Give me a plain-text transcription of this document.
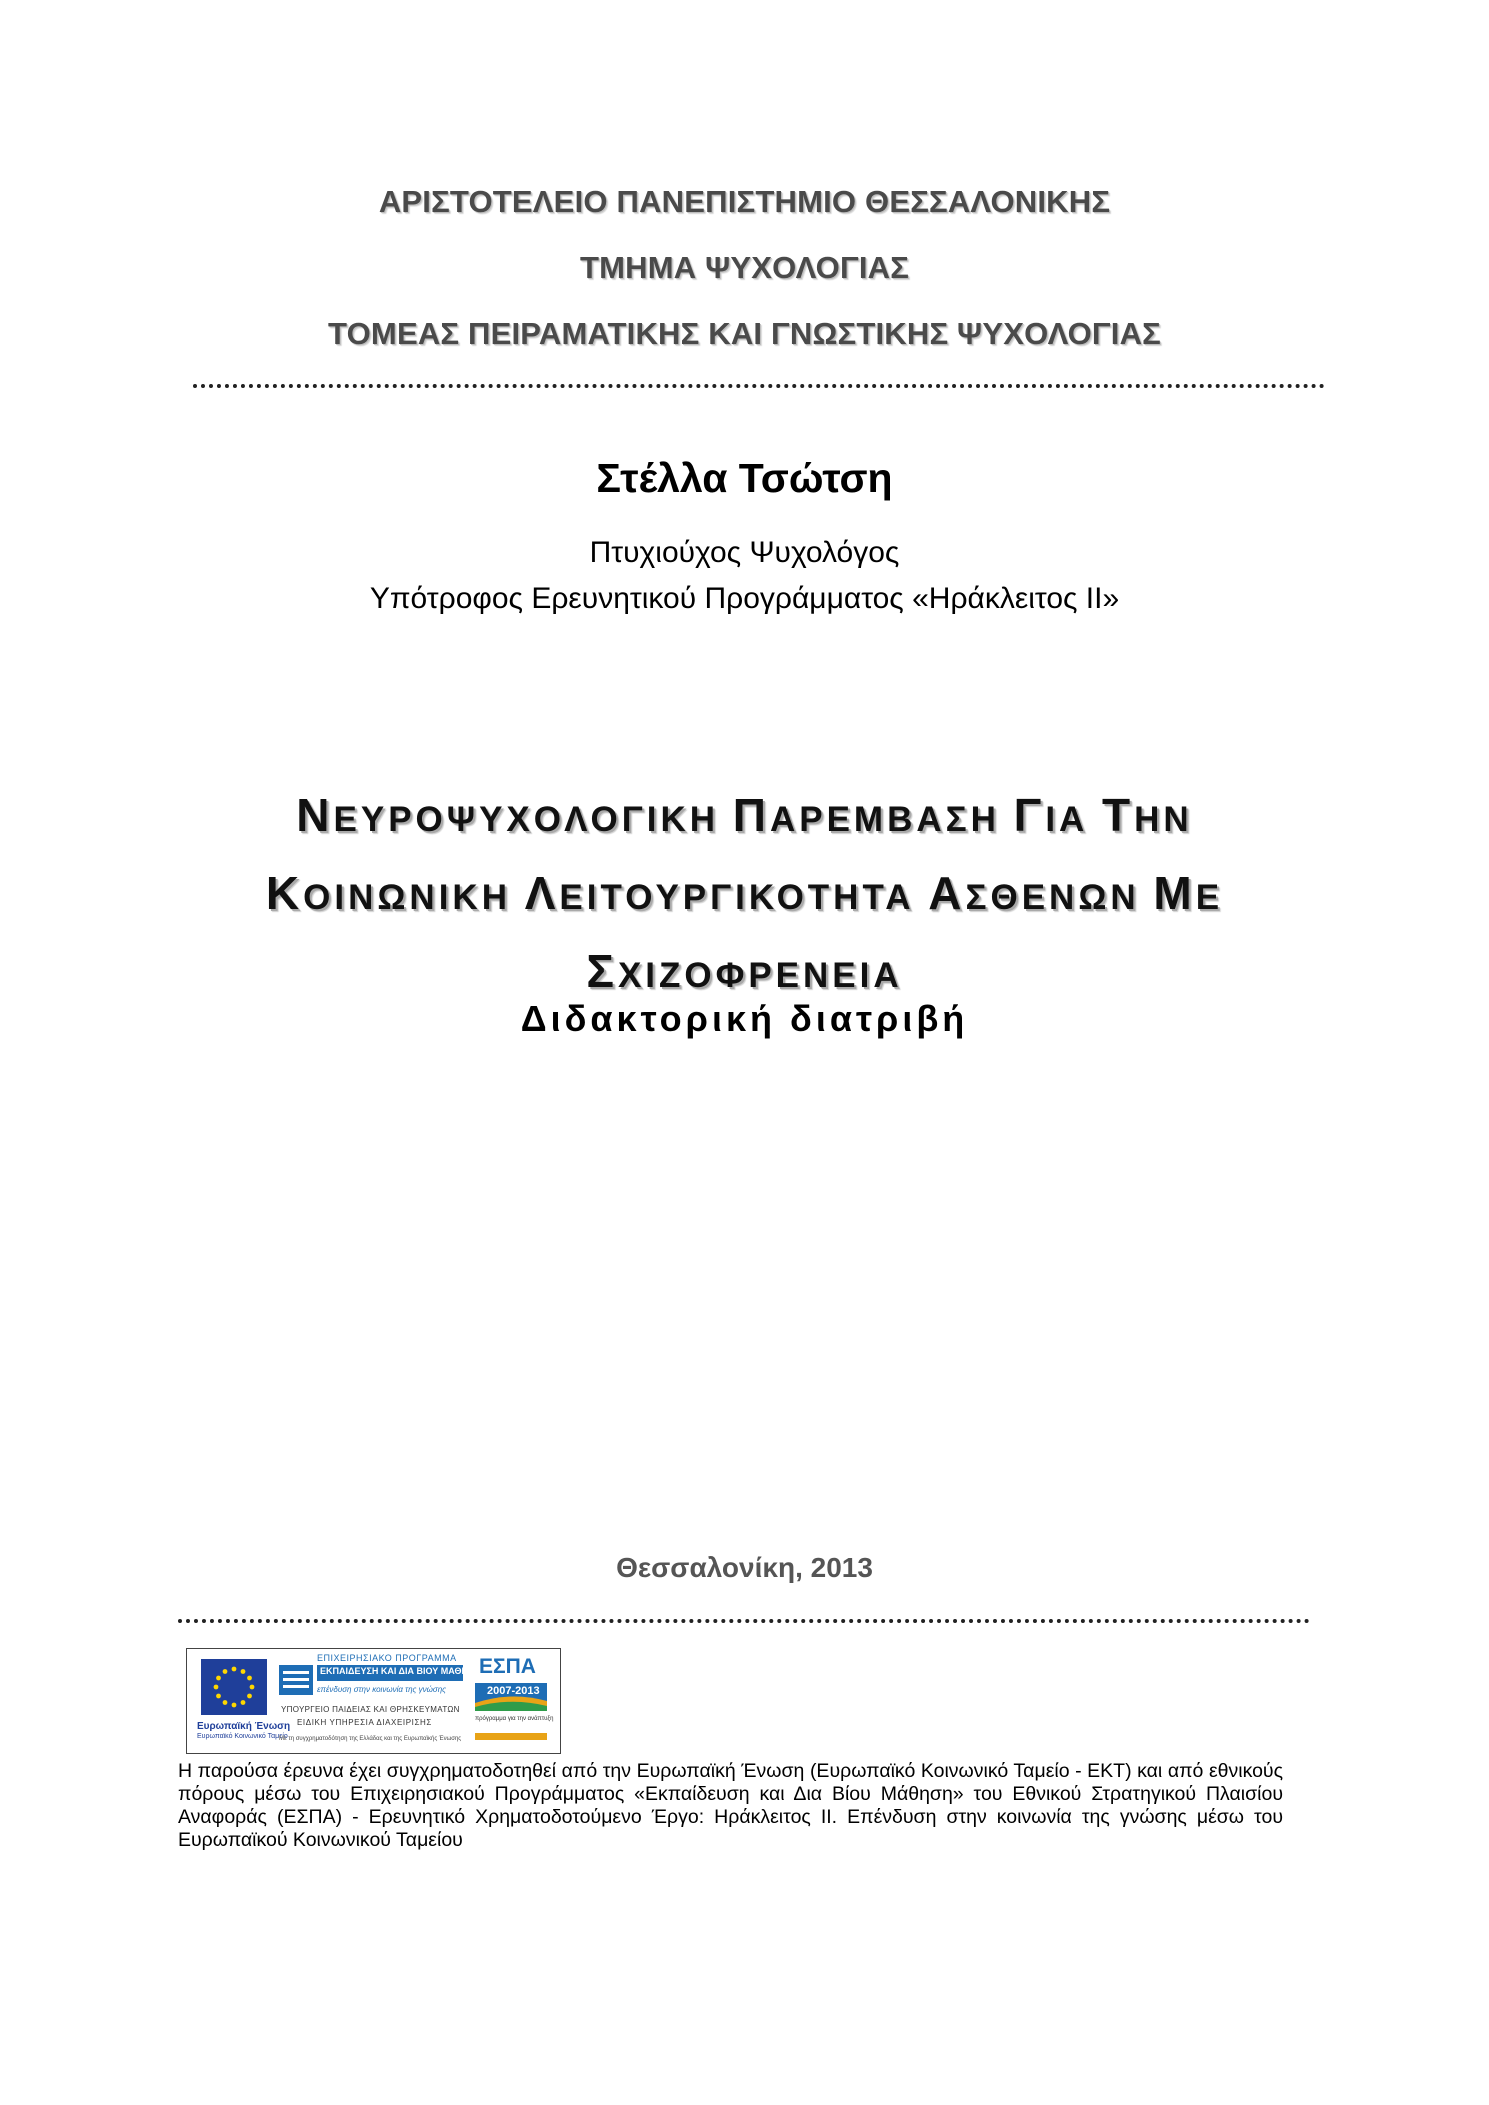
ΑΡΙΣΤΟΤΕΛΕΙΟ ΠΑΝΕΠΙΣΤΗΜΙΟ ΘΕΣΣΑΛΟΝΙΚΗΣ
ΤΜΗΜΑ ΨΥΧΟΛΟΓΙΑΣ
ΤΟΜΕΑΣ ΠΕΙΡΑΜΑΤΙΚΗΣ ΚΑΙ ΓΝΩΣΤΙΚΗΣ ΨΥΧΟΛΟΓΙΑΣ
Στέλλα Τσώτση
Πτυχιούχος Ψυχολόγος
Υπότροφος Ερευνητικού Προγράμματος «Ηράκλειτος ΙΙ»
ΝΕΥΡΟΨΥΧΟΛΟΓΙΚΗ ΠΑΡΕΜΒΑΣΗ ΓΙΑ ΤΗΝ
ΚΟΙΝΩΝΙΚΗ ΛΕΙΤΟΥΡΓΙΚΟΤΗΤΑ ΑΣΘΕΝΩΝ ΜΕ
ΣΧΙΖΟΦΡΕΝΕΙΑ
Διδακτορική διατριβή
Θεσσαλονίκη, 2013
Ευρωπαϊκή Ένωση
Ευρωπαϊκό Κοινωνικό Ταμείο
ΕΠΙΧΕΙΡΗΣΙΑΚΟ ΠΡΟΓΡΑΜΜΑ
ΕΚΠΑΙΔΕΥΣΗ ΚΑΙ ΔΙΑ ΒΙΟΥ ΜΑΘΗΣΗ
επένδυση στην κοινωνία της γνώσης
ΥΠΟΥΡΓΕΙΟ ΠΑΙΔΕΙΑΣ ΚΑΙ ΘΡΗΣΚΕΥΜΑΤΩΝ
ΕΙΔΙΚΗ ΥΠΗΡΕΣΙΑ ΔΙΑΧΕΙΡΙΣΗΣ
Με τη συγχρηματοδότηση της Ελλάδας και της Ευρωπαϊκής Ένωσης
ΕΣΠΑ
2007-2013
πρόγραμμα για την ανάπτυξη
Η παρούσα έρευνα έχει συγχρηματοδοτηθεί από την Ευρωπαϊκή Ένωση (Ευρωπαϊκό Κοινωνικό Ταμείο - ΕΚΤ) και από εθνικούς πόρους μέσω του Επιχειρησιακού Προγράμματος «Εκπαίδευση και Δια Βίου Μάθηση» του Εθνικού Στρατηγικού Πλαισίου Αναφοράς (ΕΣΠΑ) - Ερευνητικό Χρηματοδοτούμενο Έργο: Ηράκλειτος ΙΙ. Επένδυση στην κοινωνία της γνώσης μέσω του Ευρωπαϊκού Κοινωνικού Ταμείου
